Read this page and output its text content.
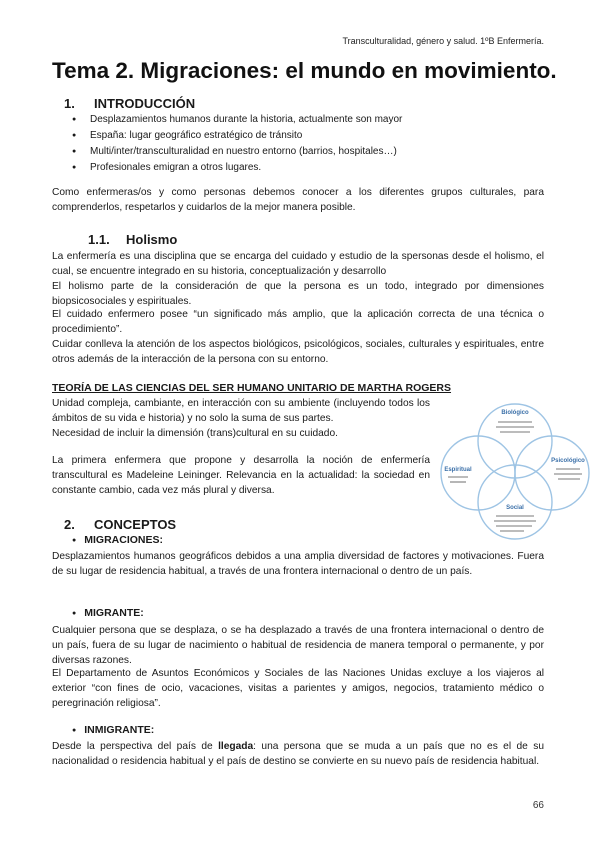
Transculturalidad, género y salud. 1ºB Enfermería.
Tema 2. Migraciones: el mundo en movimiento.
1. INTRODUCCIÓN
● Desplazamientos humanos durante la historia, actualmente son mayor
● España: lugar geográfico estratégico de tránsito
● Multi/inter/transculturalidad en nuestro entorno (barrios, hospitales…)
● Profesionales emigran a otros lugares.

Como enfermeras/os y como personas debemos conocer a los diferentes grupos culturales, para comprenderlos, respetarlos y cuidarlos de la mejor manera posible.

1.1. Holismo

La enfermería es una disciplina que se encarga del cuidado y estudio de la spersonas desde el holismo, el cual, se encuentre integrado en su historia, conceptualización y desarrollo

El holismo parte de la consideración de que la persona es un todo, integrado por dimensiones biopsicosociales y espirituales.

El cuidado enfermero posee “un significado más amplio, que la aplicación correcta de una técnica o procedimiento”.

Cuidar conlleva la atención de los aspectos biológicos, psicológicos, sociales, culturales y espirituales, entre otros además de la interacción de la persona con su entorno.

TEORÍA DE LAS CIENCIAS DEL SER HUMANO UNITARIO DE MARTHA ROGERS

Unidad compleja, cambiante, en interacción con su ambiente (incluyendo todos los ámbitos de su vida e historia) y no solo la suma de sus partes.

Necesidad de incluir la dimensión (trans)cultural en su cuidado.

La primera enfermera que propone y desarrolla la noción de enfermería transcultural es Madeleine Leininger. Relevancia en la actualidad: la sociedad en constante cambio, cada vez más plural y diversa.

Biológico
Psicológico
Espiritual
Social
2. CONCEPTOS
● MIGRACIONES:

Desplazamientos humanos geográficos debidos a una amplia diversidad de factores y motivaciones. Fuera de su lugar de residencia habitual, a través de una frontera internacional o dentro de un país.

● MIGRANTE:

Cualquier persona que se desplaza, o se ha desplazado a través de una frontera internacional o dentro de un país, fuera de su lugar de nacimiento o habitual de residencia de manera temporal o permanente, y por diversas razones.

El Departamento de Asuntos Económicos y Sociales de las Naciones Unidas excluye a los viajeros al exterior “con fines de ocio, vacaciones, visitas a parientes y amigos, negocios, tratamiento médico o peregrinación religiosa”.

● INMIGRANTE:

Desde la perspectiva del país de llegada: una persona que se muda a un país que no es el de su nacionalidad o residencia habitual y el país de destino se convierte en su nuevo país de residencia habitual.

66
